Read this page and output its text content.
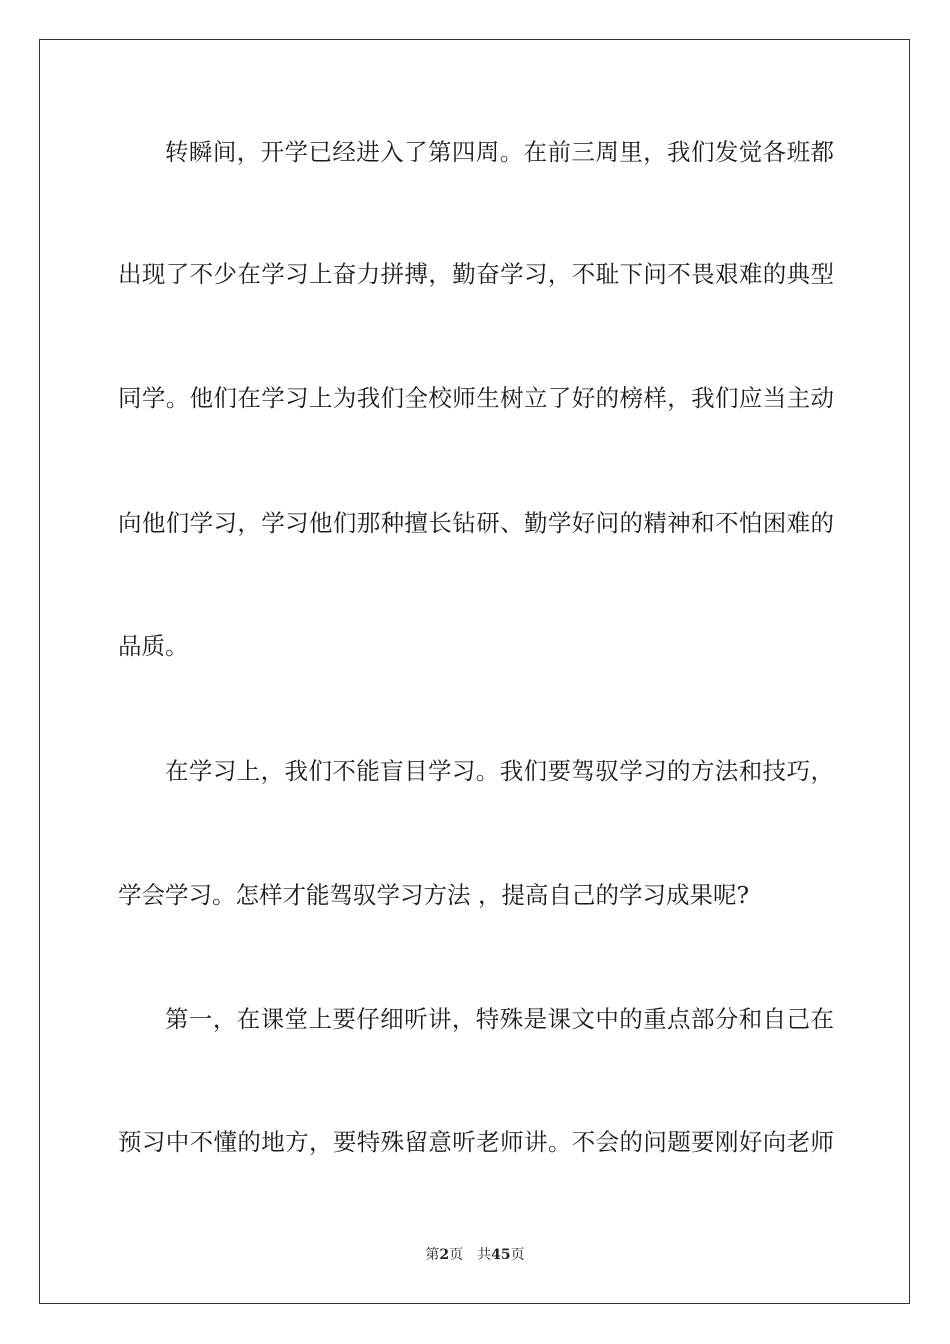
转瞬间，开学已经进入了第四周。在前三周里，我们发觉各班都
出现了不少在学习上奋力拼搏，勤奋学习，不耻下问不畏艰难的典型
同学。他们在学习上为我们全校师生树立了好的榜样，我们应当主动
向他们学习，学习他们那种擅长钻研、勤学好问的精神和不怕困难的
品质。
在学习上，我们不能盲目学习。我们要驾驭学习的方法和技巧，
学会学习。怎样才能驾驭学习方法 ，提高自己的学习成果呢?
第一，在课堂上要仔细听讲，特殊是课文中的重点部分和自己在
预习中不懂的地方，要特殊留意听老师讲。不会的问题要刚好向老师
第2页 共45页
